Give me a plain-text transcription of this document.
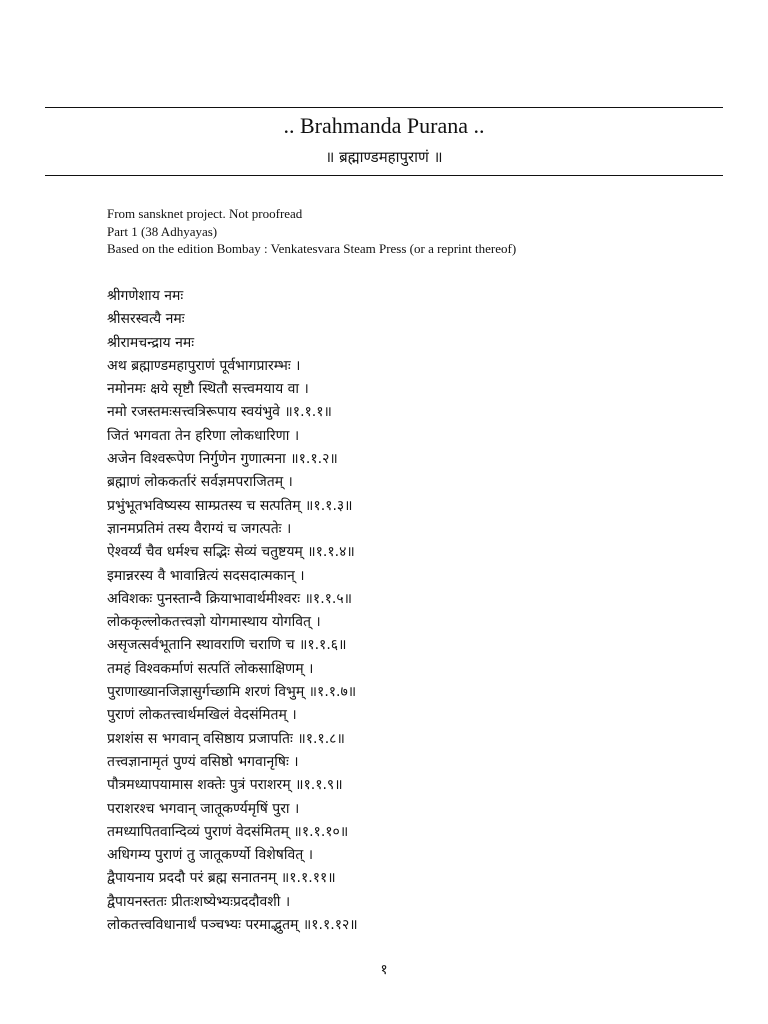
.. Brahmanda Purana ..
॥ ब्रह्माण्डमहापुराणं ॥
From sansknet project. Not proofread
Part 1 (38 Adhyayas)
Based on the edition Bombay : Venkatesvara Steam Press (or a reprint thereof)
श्रीगणेशाय नमः
श्रीसरस्वत्यै नमः
श्रीरामचन्द्राय नमः
अथ ब्रह्माण्डमहापुराणं पूर्वभागप्रारम्भः ।
नमोनमः क्षये सृष्टौ स्थितौ सत्त्वमयाय वा ।
नमो रजस्तमःसत्त्वत्रिरूपाय स्वयंभुवे ॥१.१.१॥
जितं भगवता तेन हरिणा लोकधारिणा ।
अजेन विश्वरूपेण निर्गुणेन गुणात्मना ॥१.१.२॥
ब्रह्माणं लोककर्तारं सर्वज्ञमपराजितम् ।
प्रभुंभूतभविष्यस्य साम्प्रतस्य च सत्पतिम् ॥१.१.३॥
ज्ञानमप्रतिमं तस्य वैराग्यं च जगत्पतेः ।
ऐश्वर्य्यं चैव धर्मश्च सद्भिः सेव्यं चतुष्टयम् ॥१.१.४॥
इमान्नरस्य वै भावान्नित्यं सदसदात्मकान् ।
अविशकः पुनस्तान्वै क्रियाभावार्थमीश्वरः ॥१.१.५॥
लोककृल्लोकतत्त्वज्ञो योगमास्थाय योगवित् ।
असृजत्सर्वभूतानि स्थावराणि चराणि च ॥१.१.६॥
तमहं विश्वकर्माणं सत्पतिं लोकसाक्षिणम् ।
पुराणाख्यानजिज्ञासुर्गच्छामि शरणं विभुम् ॥१.१.७॥
पुराणं लोकतत्त्वार्थमखिलं वेदसंमितम् ।
प्रशशंस स भगवान् वसिष्ठाय प्रजापतिः ॥१.१.८॥
तत्त्वज्ञानामृतं पुण्यं वसिष्ठो भगवानृषिः ।
पौत्रमध्यापयामास शक्तेः पुत्रं पराशरम् ॥१.१.९॥
पराशरश्च भगवान् जातूकर्ण्यमृषिं पुरा ।
तमध्यापितवान्दिव्यं पुराणं वेदसंमितम् ॥१.१.१०॥
अधिगम्य पुराणं तु जातूकर्ण्यो विशेषवित् ।
द्वैपायनाय प्रददौ परं ब्रह्म सनातनम् ॥१.१.११॥
द्वैपायनस्ततः प्रीतःशष्येभ्यःप्रददौवशी ।
लोकतत्त्वविधानार्थं पञ्चभ्यः परमाद्भुतम् ॥१.१.१२॥
१
